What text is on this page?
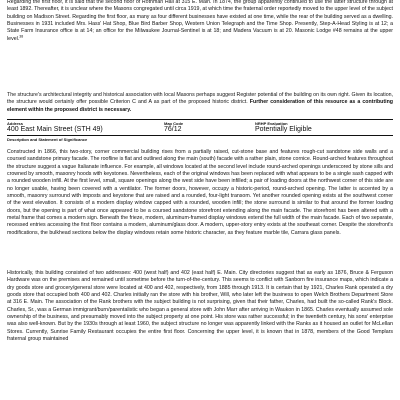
Regarding the first floor, it is said that the second floor of Rothman Hall at 315 E. Main. In 1874, the group apparently continued to use the latter structure through at least 1892. Thereafter, it is unclear where the Masons congregated until circa 1919, at which time the fraternal order reportedly moved to the upper level of the subject building on Madison Street. Regarding the first floor, as many as four different businesses have existed at one time, while the rear of the building served as a dwelling. Businesses in 1931 included Mrs. Hass' Hat Shop, Blue Bird Barber Shop, Western Union Telegraph and the Time Shop. Presently, Step-A-Head Styling is at 12; a State Farm Insurance office is at 14; an office for the Milwaukee Journal-Sentinel is at 18; and Madera Vacuum is at 20. Masonic Lodge #48 remains at the upper level.$^{38}$
The structure's architectural integrity and historical association with local Masons perhaps suggest Register potential of the building on its own right. Given its location, the structure would certainly offer possible Criterion C and A as part of the proposed historic district. Further consideration of this resource as a contributing element within the proposed district is necessary.
Address	Map Code	NRHP Evaluation
400 East Main Street (STH 49)	76/12	Potentially Eligible
Description and Statement of Significance

Constructed in 1866, this two-story, corner commercial building rises from a partially raised, cut-stone base and features rough-cut sandstone side walls and a coursed sandstone primary facade. The roofline is flat and outlined along the main (south) facade with a rather plain, stone cornice. Round-arched features throughout the structure suggest a vague Italianate influence. For example, all windows located at the second level include round-arched openings underscored by stone sills and crowned by smooth, masonry hoods with keystones. Nevertheless, each of the original windows has been replaced with what appears to be a single sash capped with a rounded wooden infill. At the first level, small, square openings along the west side have been infilled; a pair of loading doors at the northwest corner of this side are no longer usable, having been covered with a ventilator. The former doors, however, occupy a historic-period, round-arched opening. The latter is accented by a smooth, masonry surround with imposts and keystone that are raised and a rounded, four-light transom. Yet another rounded opening exists at the southwest corner of the west elevation. It consists of a modern display window capped with a rounded, wooden infill; the stone surround is similar to that around the former loading doors, but the opening is part of what once appeared to be a coursed sandstone storefront extending along the main facade. The storefront has been altered with a metal frame that comes a modern sign. Beneath the frieze, modern, aluminum-framed display windows extend the full width of the main facade. Each of two separate, recessed entries accessing the first floor contains a modern, aluminum/glass door. A modern, upper-story entry exists at the southeast corner. Despite the storefront's modifications, the bulkhead sections below the display windows retain some historic character, as they feature marble tile, Carrara glass panels.

Historically, this building consisted of two addresses: 400 (west half) and 402 (east half) E. Main. City directories suggest that as early as 1876, Bruce & Ferguson Hardware was on the premises and remained until sometime before the turn-of-the-century. This seems to conflict with Sanborn fire insurance maps, which indicate a dry goods store and grocery/general store were located at 400 and 402, respectively, from 1885 through 1913. It is certain that by 1921, Charles Rank operated a dry goods store that occupied both 400 and 402. Charles initially ran the store with his brother, Will, who later left the business to open Welch Brothers Department Store at 316 E. Main. The association of the Rank brothers with the subject building is not surprising, given that their father, Charles, had built the so-called Rank's Block. Charles, Sr., was a German immigrant/burn/parentalistic who began a general store with John Marr after arriving in Waukon in 1865. Charles eventually assumed sole ownership of the business, and presumably moved into the subject property at one point. His store was rather successful; in the twentieth century, his sons' enterprise was also well-known. But by the 1930s through at least 1960, the subject structure no longer was apparently linked with the Ranks as it housed an outlet for McLellan Stores. Currently, Sunrise Family Restaurant occupies the entire first floor. Concerning the upper level, it is known that in 1878, members of the Good Templars fraternal group maintained
